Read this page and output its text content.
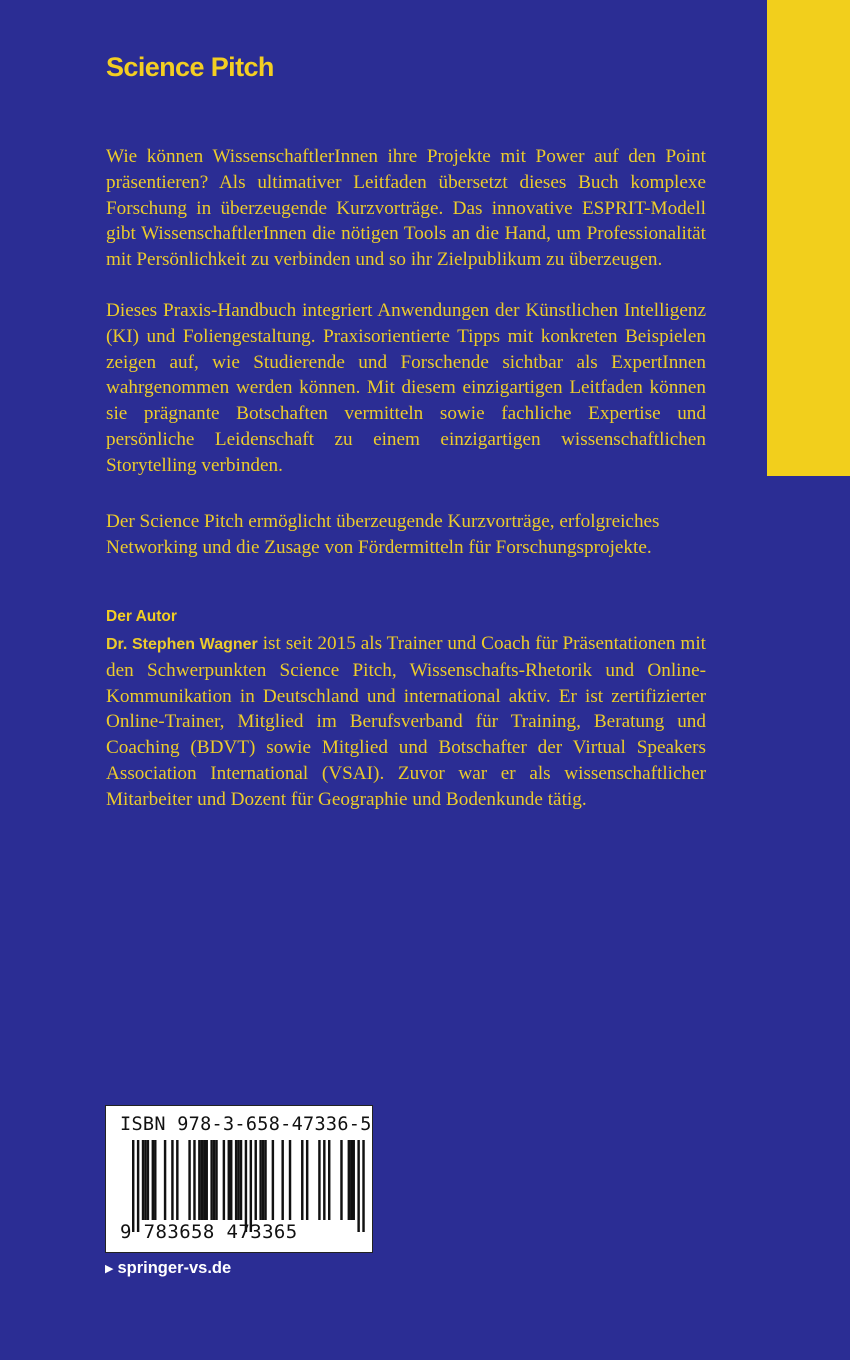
Science Pitch

Wie können WissenschaftlerInnen ihre Projekte mit Power auf den Point präsentieren? Als ultimativer Leitfaden übersetzt dieses Buch komplexe Forschung in überzeugende Kurzvorträge. Das innovative ESPRIT-Modell gibt WissenschaftlerInnen die nötigen Tools an die Hand, um Professionalität mit Persönlichkeit zu verbinden und so ihr Zielpublikum zu überzeugen.

Dieses Praxis-Handbuch integriert Anwendungen der Künstlichen Intelligenz (KI) und Foliengestaltung. Praxisorientierte Tipps mit konkreten Beispielen zeigen auf, wie Studierende und Forschende sichtbar als ExpertInnen wahrgenommen werden können. Mit diesem einzigartigen Leitfaden können sie prägnante Botschaften vermitteln sowie fachliche Expertise und persönliche Leidenschaft zu einem einzigartigen wissenschaftlichen Storytelling verbinden.

Der Science Pitch ermöglicht überzeugende Kurzvorträge, erfolgreiches Networking und die Zusage von Fördermitteln für Forschungsprojekte.

Der Autor

Dr. Stephen Wagner ist seit 2015 als Trainer und Coach für Präsentationen mit den Schwerpunkten Science Pitch, Wissenschafts-Rhetorik und Online-Kommunikation in Deutschland und international aktiv. Er ist zertifizierter Online-Trainer, Mitglied im Berufsverband für Training, Beratung und Coaching (BDVT) sowie Mitglied und Botschafter der Virtual Speakers Association International (VSAI). Zuvor war er als wissenschaftlicher Mitarbeiter und Dozent für Geographie und Bodenkunde tätig.

ISBN 978-3-658-47336-5
9 783658 473365
▶ springer-vs.de
